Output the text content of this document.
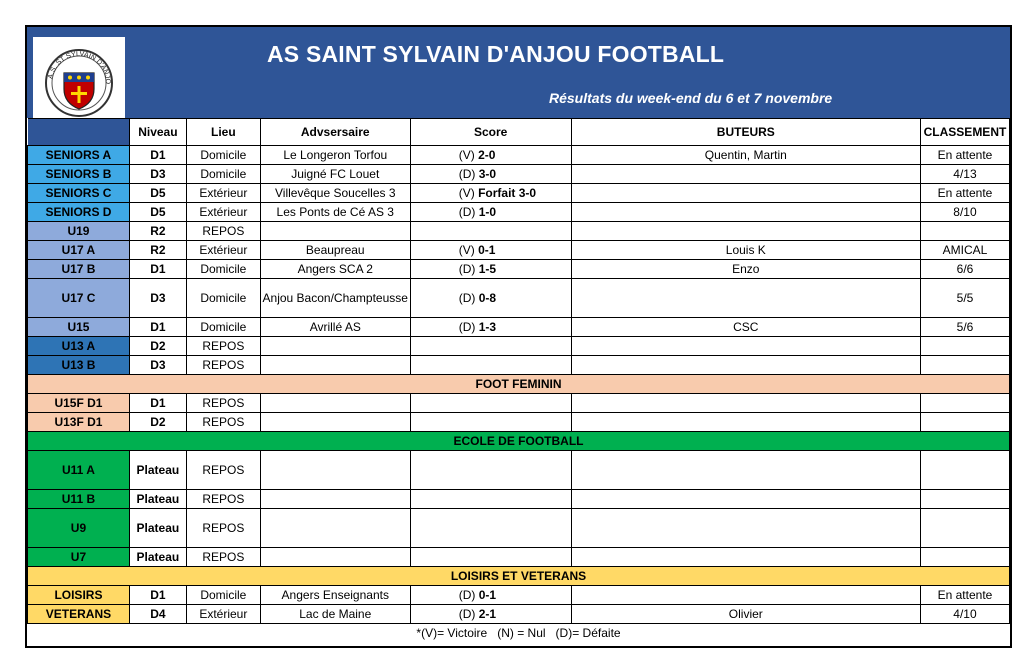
AS SAINT SYLVAIN D'ANJOU FOOTBALL
Résultats du week-end du 6 et 7 novembre
A.S. ST SYLVAIN D'ANJO
	Niveau	Lieu	Advsersaire	Score	BUTEURS	CLASSEMENT
SENIORS A	D1	Domicile	Le Longeron Torfou	(V) 2-0	Quentin, Martin	En attente
SENIORS B	D3	Domicile	Juigné FC Louet	(D) 3-0		4/13
SENIORS C	D5	Extérieur	Villevêque Soucelles 3	(V) Forfait 3-0		En attente
SENIORS D	D5	Extérieur	Les Ponts de Cé AS 3	(D) 1-0		8/10
U19	R2	REPOS				
U17 A	R2	Extérieur	Beaupreau	(V) 0-1	Louis K	AMICAL
U17 B	D1	Domicile	Angers SCA 2	(D) 1-5	Enzo	6/6
U17 C	D3	Domicile	Anjou Bacon/Champteusse	(D) 0-8		5/5
U15	D1	Domicile	Avrillé AS	(D) 1-3	CSC	5/6
U13 A	D2	REPOS				
U13 B	D3	REPOS				
FOOT FEMININ						
U15F D1	D1	REPOS				
U13F D1	D2	REPOS				
ECOLE DE FOOTBALL						
U11 A	Plateau	REPOS				
U11 B	Plateau	REPOS				
U9	Plateau	REPOS				
U7	Plateau	REPOS				
LOISIRS ET VETERANS						
LOISIRS	D1	Domicile	Angers Enseignants	(D) 0-1		En attente
VETERANS	D4	Extérieur	Lac de Maine	(D) 2-1	Olivier	4/10
*(V)= Victoire   (N) = Nul   (D)= Défaite						
